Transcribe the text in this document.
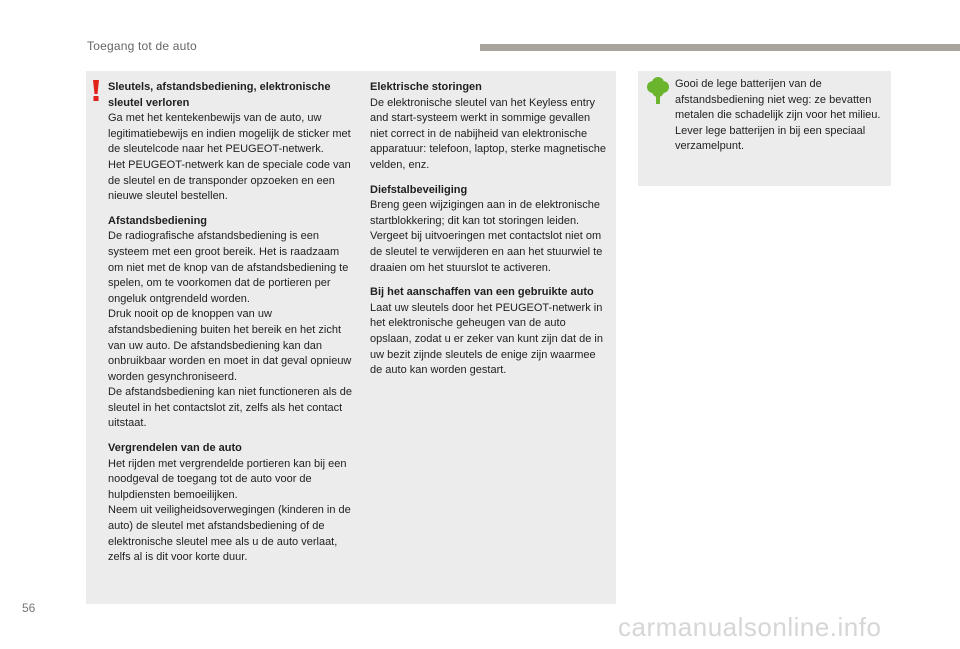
Toegang tot de auto
Sleutels, afstandsbediening, elektronische sleutel verloren
Ga met het kentekenbewijs van de auto, uw legitimatiebewijs en indien mogelijk de sticker met de sleutelcode naar het PEUGEOT-netwerk.
Het PEUGEOT-netwerk kan de speciale code van de sleutel en de transponder opzoeken en een nieuwe sleutel bestellen.
Afstandsbediening
De radiografische afstandsbediening is een systeem met een groot bereik. Het is raadzaam om niet met de knop van de afstandsbediening te spelen, om te voorkomen dat de portieren per ongeluk ontgrendeld worden.
Druk nooit op de knoppen van uw afstandsbediening buiten het bereik en het zicht van uw auto. De afstandsbediening kan dan onbruikbaar worden en moet in dat geval opnieuw worden gesynchroniseerd.
De afstandsbediening kan niet functioneren als de sleutel in het contactslot zit, zelfs als het contact uitstaat.
Vergrendelen van de auto
Het rijden met vergrendelde portieren kan bij een noodgeval de toegang tot de auto voor de hulpdiensten bemoeilijken.
Neem uit veiligheidsoverwegingen (kinderen in de auto) de sleutel met afstandsbediening of de elektronische sleutel mee als u de auto verlaat, zelfs al is dit voor korte duur.
Elektrische storingen
De elektronische sleutel van het Keyless entry and start-systeem werkt in sommige gevallen niet correct in de nabijheid van elektronische apparatuur: telefoon, laptop, sterke magnetische velden, enz.
Diefstalbeveiliging
Breng geen wijzigingen aan in de elektronische startblokkering; dit kan tot storingen leiden.
Vergeet bij uitvoeringen met contactslot niet om de sleutel te verwijderen en aan het stuurwiel te draaien om het stuurslot te activeren.
Bij het aanschaffen van een gebruikte auto
Laat uw sleutels door het PEUGEOT-netwerk in het elektronische geheugen van de auto opslaan, zodat u er zeker van kunt zijn dat de in uw bezit zijnde sleutels de enige zijn waarmee de auto kan worden gestart.
Gooi de lege batterijen van de afstandsbediening niet weg: ze bevatten metalen die schadelijk zijn voor het milieu.
Lever lege batterijen in bij een speciaal verzamelpunt.
56
carmanualsonline.info
